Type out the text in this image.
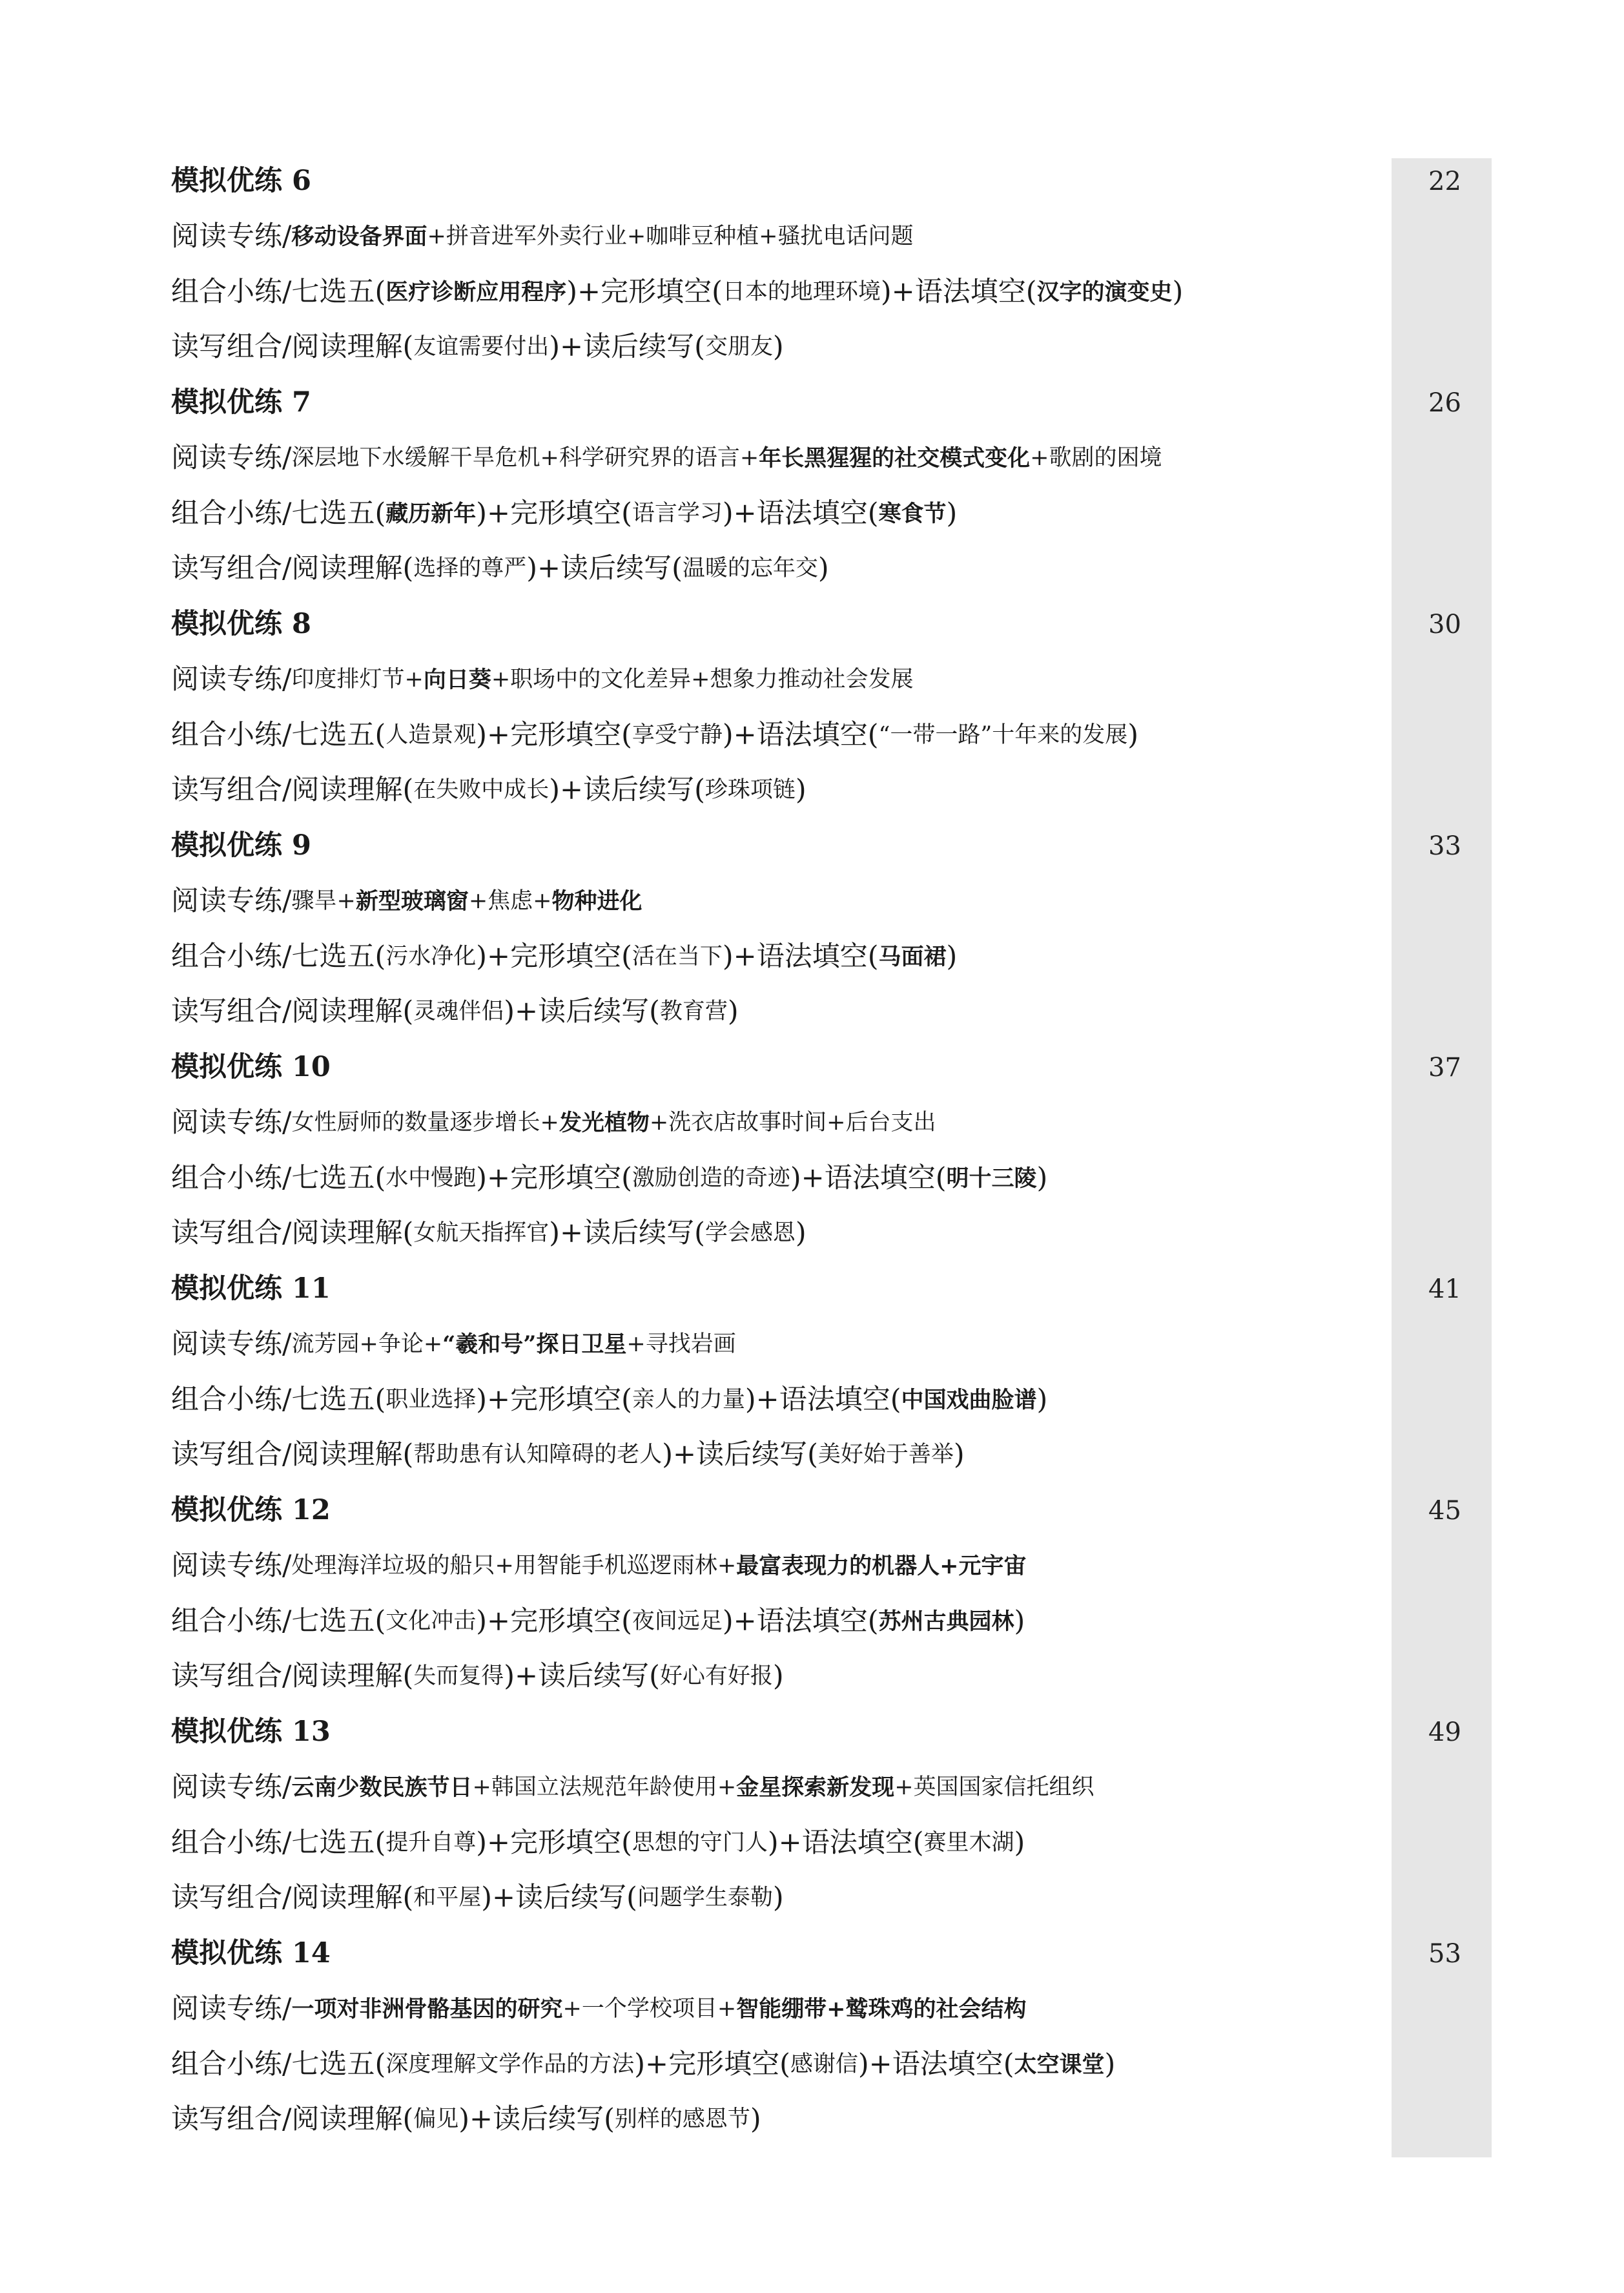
模拟优练 6	22
阅读专练/ 移动设备界面 +拼音进军外卖行业+咖啡豆种植+骚扰电话问题
组合小练/七选五( 医疗诊断应用程序 )+完形填空( 日本的地理环境 )+语法填空( 汉字的演变史 )
读写组合/阅读理解( 友谊需要付出 )+读后续写( 交朋友 )
模拟优练 7	26
阅读专练/ 深层地下水缓解干旱危机+科学研究界的语言+ 年长黑猩猩的社交模式变化 +歌剧的困境
组合小练/七选五( 藏历新年 )+完形填空( 语言学习 )+语法填空( 寒食节 )
读写组合/阅读理解( 选择的尊严 )+读后续写( 温暖的忘年交 )
模拟优练 8	30
阅读专练/ 印度排灯节+ 向日葵 +职场中的文化差异+想象力推动社会发展
组合小练/七选五( 人造景观 )+完形填空( 享受宁静 )+语法填空( “一带一路”十年来的发展 )
读写组合/阅读理解( 在失败中成长 )+读后续写( 珍珠项链 )
模拟优练 9	33
阅读专练/ 骤旱+ 新型玻璃窗 +焦虑+ 物种进化
组合小练/七选五( 污水净化 )+完形填空( 活在当下 )+语法填空( 马面裙 )
读写组合/阅读理解( 灵魂伴侣 )+读后续写( 教育营 )
模拟优练 10	37
阅读专练/ 女性厨师的数量逐步增长+ 发光植物 +洗衣店故事时间+后台支出
组合小练/七选五( 水中慢跑 )+完形填空( 激励创造的奇迹 )+语法填空( 明十三陵 )
读写组合/阅读理解( 女航天指挥官 )+读后续写( 学会感恩 )
模拟优练 11	41
阅读专练/ 流芳园+争论+ “羲和号”探日卫星 +寻找岩画
组合小练/七选五( 职业选择 )+完形填空( 亲人的力量 )+语法填空( 中国戏曲脸谱 )
读写组合/阅读理解( 帮助患有认知障碍的老人 )+读后续写( 美好始于善举 )
模拟优练 12	45
阅读专练/ 处理海洋垃圾的船只+用智能手机巡逻雨林+ 最富表现力的机器人+元宇宙
组合小练/七选五( 文化冲击 )+完形填空( 夜间远足 )+语法填空( 苏州古典园林 )
读写组合/阅读理解( 失而复得 )+读后续写( 好心有好报 )
模拟优练 13	49
阅读专练/ 云南少数民族节日 +韩国立法规范年龄使用+ 金星探索新发现 +英国国家信托组织
组合小练/七选五( 提升自尊 )+完形填空( 思想的守门人 )+语法填空( 赛里木湖 )
读写组合/阅读理解( 和平屋 )+读后续写( 问题学生泰勒 )
模拟优练 14	53
阅读专练/ 一项对非洲骨骼基因的研究 +一个学校项目+ 智能绷带+鹫珠鸡的社会结构
组合小练/七选五( 深度理解文学作品的方法 )+完形填空( 感谢信 )+语法填空( 太空课堂 )
读写组合/阅读理解( 偏见 )+读后续写( 别样的感恩节 )
